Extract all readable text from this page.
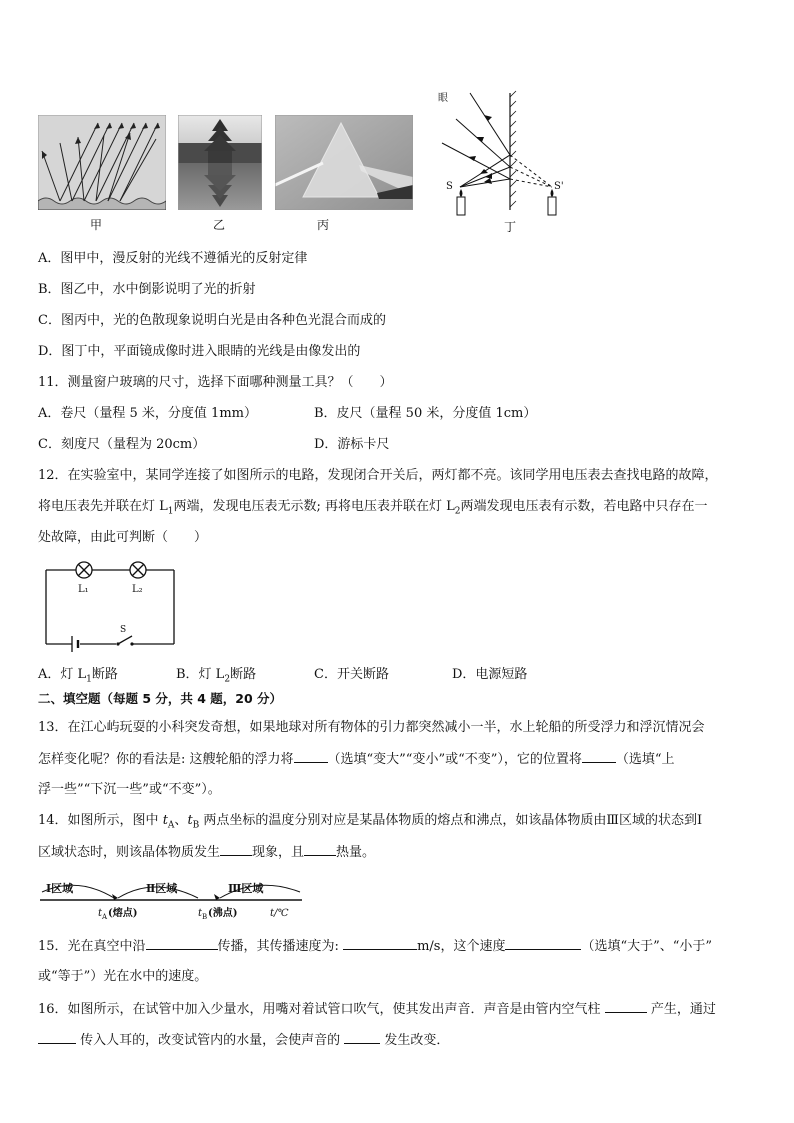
甲	乙	丙
眼
S	S'
丁
A．图甲中，漫反射的光线不遵循光的反射定律
B．图乙中，水中倒影说明了光的折射
C．图丙中，光的色散现象说明白光是由各种色光混合而成的
D．图丁中，平面镜成像时进入眼睛的光线是由像发出的
11．测量窗户玻璃的尺寸，选择下面哪种测量工具？（　　）
A．卷尺（量程 5 米，分度值 1mm）	B．皮尺（量程 50 米，分度值 1cm）
C．刻度尺（量程为 20cm）	D．游标卡尺
12．在实验室中，某同学连接了如图所示的电路，发现闭合开关后，两灯都不亮。该同学用电压表去查找电路的故障，
将电压表先并联在灯 $L_1$两端，发现电压表无示数; 再将电压表并联在灯 $L_2$两端发现电压表有示数，若电路中只存在一
处故障，由此可判断（　　）
L₁	L₂
S
A．灯 $L_1$断路	B．灯 $L_2$断路	C．开关断路	D．电源短路
二、填空题（每题 5 分，共 4 题，20 分）
13．在江心屿玩耍的小科突发奇想，如果地球对所有物体的引力都突然减小一半，水上轮船的所受浮力和浮沉情况会
怎样变化呢？你的看法是: 这艘轮船的浮力将	（选填“变大”“变小”或“不变”），它的位置将	（选填“上
浮一些”“下沉一些”或“不变”）。
14．如图所示，图中 $t_A$、$t_B$ 两点坐标的温度分别对应是某晶体物质的熔点和沸点，如该晶体物质由Ⅲ区域的状态到Ⅰ
区域状态时，则该晶体物质发生 现象，且 热量。
Ⅰ区域	Ⅱ区域	Ⅲ区域
t A (熔点)	t B (沸点)	t/℃
15．光在真空中沿	传播，其传播速度为:	m/s，这个速度	（选填“大于”、“小于”
或“等于”）光在水中的速度。
16．如图所示，在试管中加入少量水，用嘴对着试管口吹气，使其发出声音．声音是由管内空气柱	产生，通过
传入人耳的，改变试管内的水量，会使声音的	发生改变．
